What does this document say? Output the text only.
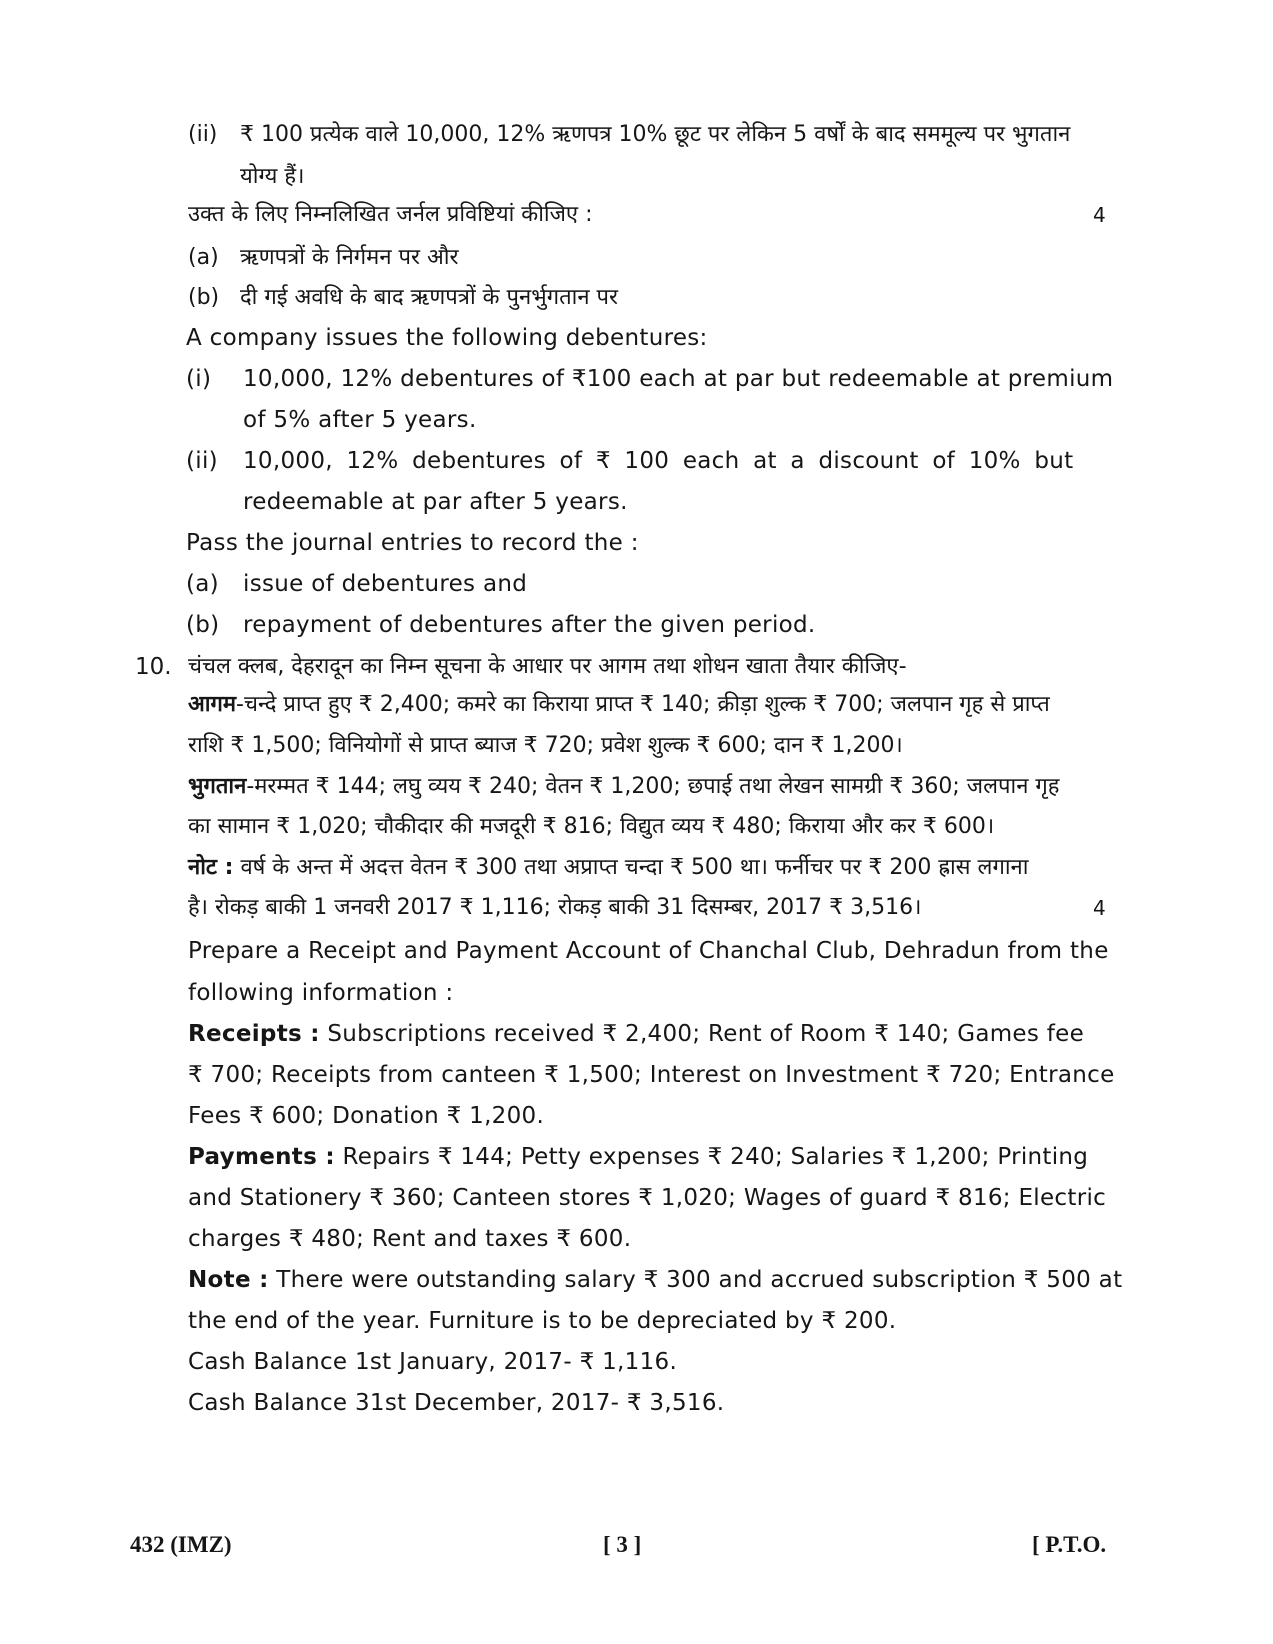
(ii) ₹ 100 प्रत्येक वाले 10,000, 12% ऋणपत्र 10% छूट पर लेकिन 5 वर्षों के बाद सममूल्य पर भुगतान
योग्य हैं।
उक्त के लिए निम्नलिखित जर्नल प्रविष्टियां कीजिए :	4
(a) ऋणपत्रों के निर्गमन पर और
(b) दी गई अवधि के बाद ऋणपत्रों के पुनर्भुगतान पर
A company issues the following debentures:
(i) 10,000, 12% debentures of ₹100 each at par but redeemable at premium
of 5% after 5 years.
(ii) 10,000, 12% debentures of ₹ 100 each at a discount of 10% but
redeemable at par after 5 years.
Pass the journal entries to record the :
(a) issue of debentures and
(b) repayment of debentures after the given period.
10. चंचल क्लब, देहरादून का निम्न सूचना के आधार पर आगम तथा शोधन खाता तैयार कीजिए-
आगम-चन्दे प्राप्त हुए ₹ 2,400; कमरे का किराया प्राप्त ₹ 140; क्रीड़ा शुल्क ₹ 700; जलपान गृह से प्राप्त
राशि ₹ 1,500; विनियोगों से प्राप्त ब्याज ₹ 720; प्रवेश शुल्क ₹ 600; दान ₹ 1,200।
भुगतान-मरम्मत ₹ 144; लघु व्यय ₹ 240; वेतन ₹ 1,200; छपाई तथा लेखन सामग्री ₹ 360; जलपान गृह
का सामान ₹ 1,020; चौकीदार की मजदूरी ₹ 816; विद्युत व्यय ₹ 480; किराया और कर ₹ 600।
नोट : वर्ष के अन्त में अदत्त वेतन ₹ 300 तथा अप्राप्त चन्दा ₹ 500 था। फर्नीचर पर ₹ 200 ह्रास लगाना
है। रोकड़ बाकी 1 जनवरी 2017 ₹ 1,116; रोकड़ बाकी 31 दिसम्बर, 2017 ₹ 3,516।	4
Prepare a Receipt and Payment Account of Chanchal Club, Dehradun from the
following information :
Receipts : Subscriptions received ₹ 2,400; Rent of Room ₹ 140; Games fee
₹ 700; Receipts from canteen ₹ 1,500; Interest on Investment ₹ 720; Entrance
Fees ₹ 600; Donation ₹ 1,200.
Payments : Repairs ₹ 144; Petty expenses ₹ 240; Salaries ₹ 1,200; Printing
and Stationery ₹ 360; Canteen stores ₹ 1,020; Wages of guard ₹ 816; Electric
charges ₹ 480; Rent and taxes ₹ 600.
Note : There were outstanding salary ₹ 300 and accrued subscription ₹ 500 at
the end of the year. Furniture is to be depreciated by ₹ 200.
Cash Balance 1st January, 2017- ₹ 1,116.
Cash Balance 31st December, 2017- ₹ 3,516.
432 (IMZ)	[ 3 ]	[ P.T.O.
